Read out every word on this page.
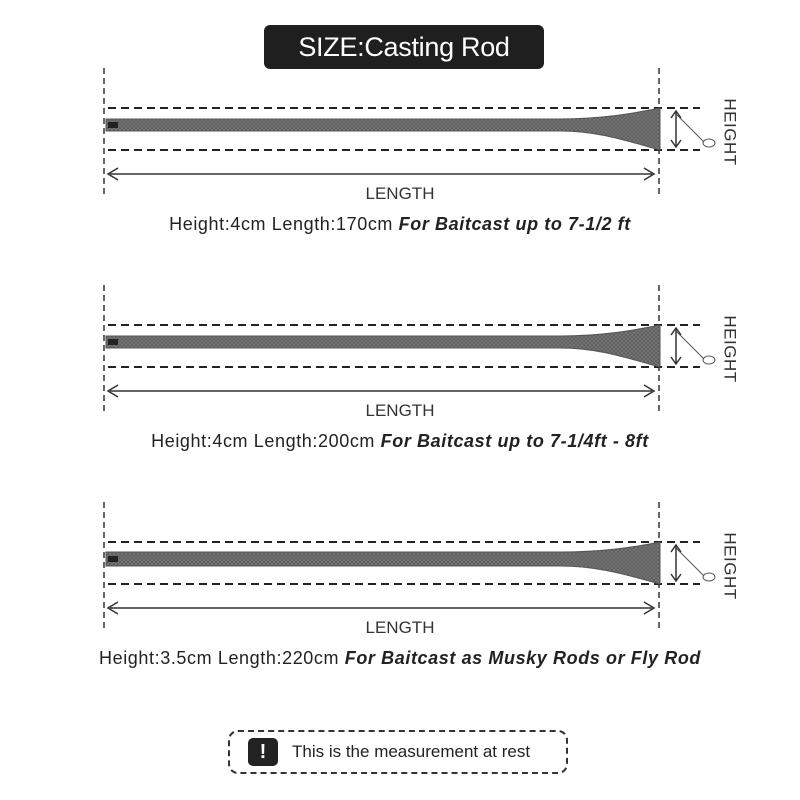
SIZE:Casting Rod
LENGTH
HEIGHT
Height:4cm Length:170cm For Baitcast up to 7-1/2 ft
LENGTH
HEIGHT
Height:4cm Length:200cm For Baitcast up to 7-1/4ft - 8ft
LENGTH
HEIGHT
Height:3.5cm Length:220cm For Baitcast as Musky Rods or Fly Rod
!	This is the measurement at rest
